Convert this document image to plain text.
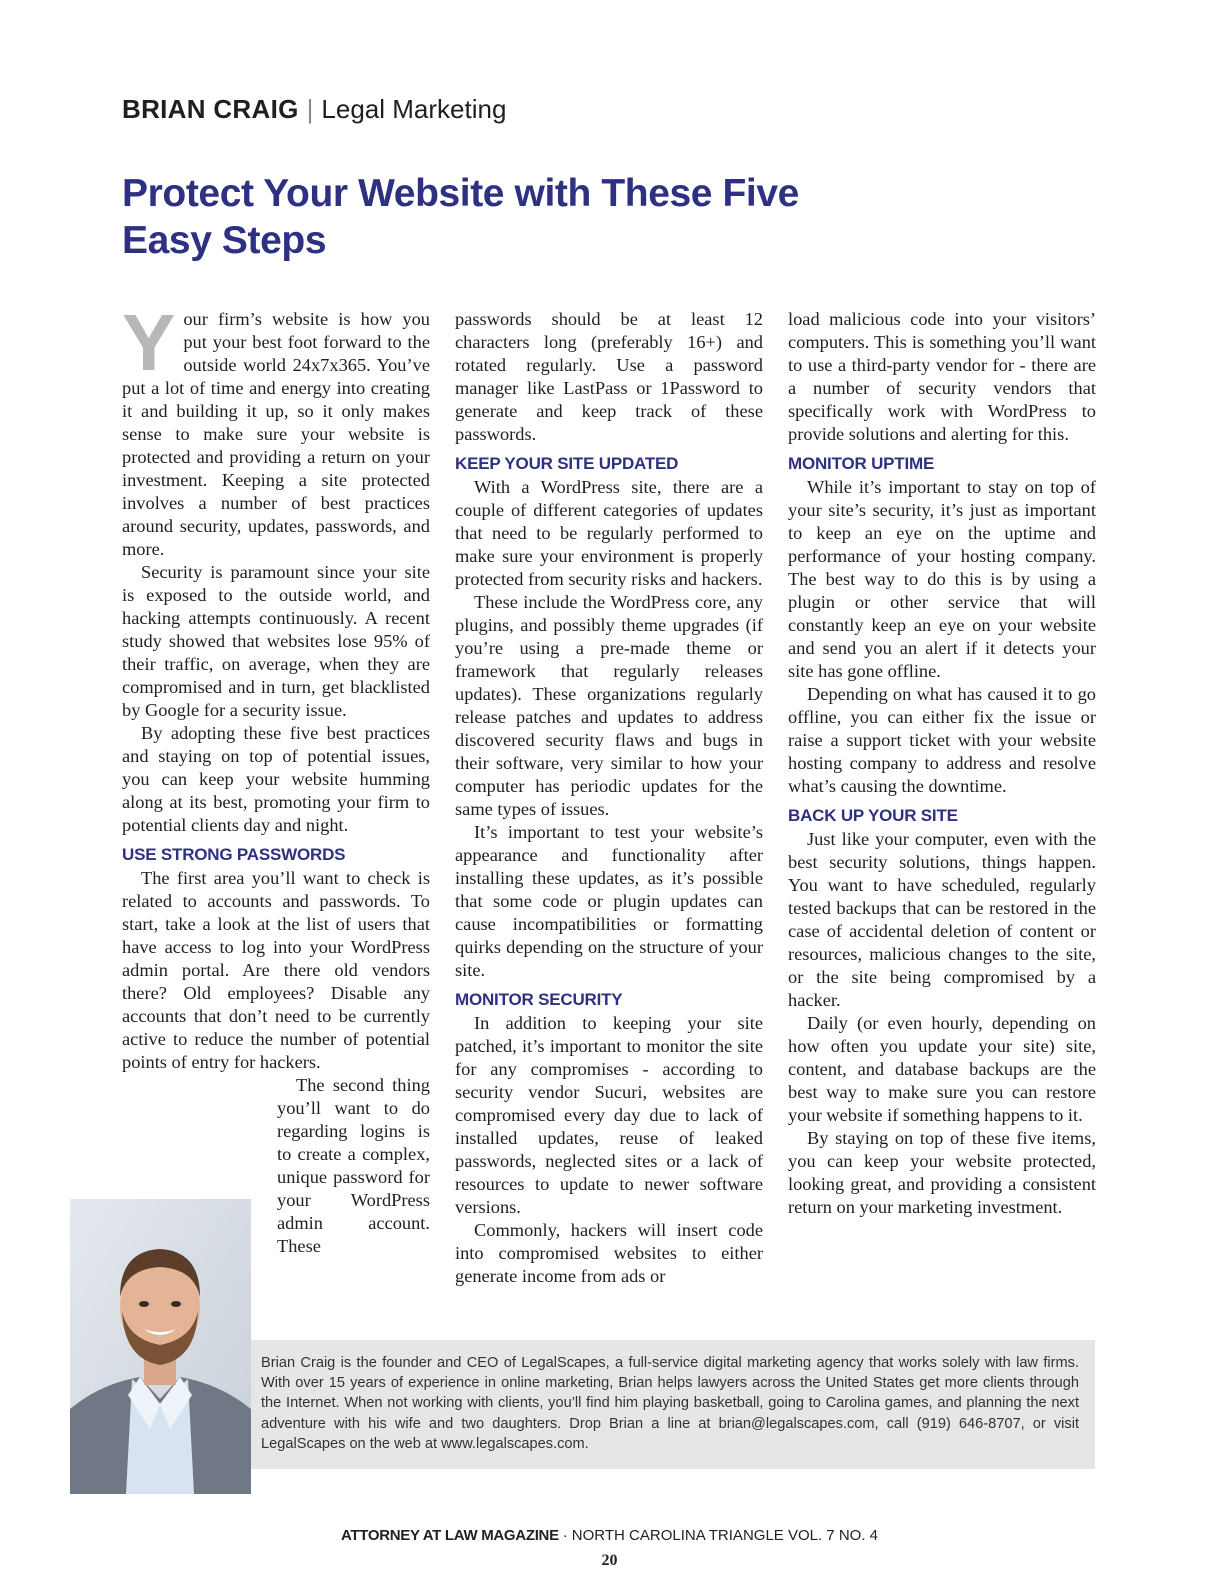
BRIAN CRAIG | Legal Marketing
Protect Your Website with These Five Easy Steps

Your firm’s website is how you put your best foot forward to the outside world 24x7x365. You’ve put a lot of time and energy into creating it and building it up, so it only makes sense to make sure your website is protected and providing a return on your investment. Keeping a site protected involves a number of best practices around security, updates, passwords, and more.

Security is paramount since your site is exposed to the outside world, and hacking attempts continuously. A recent study showed that websites lose 95% of their traffic, on average, when they are compromised and in turn, get blacklisted by Google for a security issue.

By adopting these five best practices and staying on top of potential issues, you can keep your website humming along at its best, promoting your firm to potential clients day and night.

USE STRONG PASSWORDS

The first area you’ll want to check is related to accounts and passwords. To start, take a look at the list of users that have access to log into your WordPress admin portal. Are there old vendors there? Old employees? Disable any accounts that don’t need to be currently active to reduce the number of potential points of entry for hackers.

The second thing you’ll want to do regarding logins is to create a complex, unique password for your WordPress admin account. These

passwords should be at least 12 characters long (preferably 16+) and rotated regularly. Use a password manager like LastPass or 1Password to generate and keep track of these passwords.

KEEP YOUR SITE UPDATED

With a WordPress site, there are a couple of different categories of updates that need to be regularly performed to make sure your environment is properly protected from security risks and hackers.

These include the WordPress core, any plugins, and possibly theme upgrades (if you’re using a pre-made theme or framework that regularly releases updates). These organizations regularly release patches and updates to address discovered security flaws and bugs in their software, very similar to how your computer has periodic updates for the same types of issues.

It’s important to test your website’s appearance and functionality after installing these updates, as it’s possible that some code or plugin updates can cause incompatibilities or formatting quirks depending on the structure of your site.

MONITOR SECURITY

In addition to keeping your site patched, it’s important to monitor the site for any compromises - according to security vendor Sucuri, websites are compromised every day due to lack of installed updates, reuse of leaked passwords, neglected sites or a lack of resources to update to newer software versions.

Commonly, hackers will insert code into compromised websites to either generate income from ads or

load malicious code into your visitors’ computers. This is something you’ll want to use a third-party vendor for - there are a number of security vendors that specifically work with WordPress to provide solutions and alerting for this.

MONITOR UPTIME

While it’s important to stay on top of your site’s security, it’s just as important to keep an eye on the uptime and performance of your hosting company. The best way to do this is by using a plugin or other service that will constantly keep an eye on your website and send you an alert if it detects your site has gone offline.

Depending on what has caused it to go offline, you can either fix the issue or raise a support ticket with your website hosting company to address and resolve what’s causing the downtime.

BACK UP YOUR SITE

Just like your computer, even with the best security solutions, things happen. You want to have scheduled, regularly tested backups that can be restored in the case of accidental deletion of content or resources, malicious changes to the site, or the site being compromised by a hacker.

Daily (or even hourly, depending on how often you update your site) site, content, and database backups are the best way to make sure you can restore your website if something happens to it.

By staying on top of these five items, you can keep your website protected, looking great, and providing a consistent return on your marketing investment.

Brian Craig is the founder and CEO of LegalScapes, a full-service digital marketing agency that works solely with law firms. With over 15 years of experience in online marketing, Brian helps lawyers across the United States get more clients through the Internet. When not working with clients, you’ll find him playing basketball, going to Carolina games, and planning the next adventure with his wife and two daughters. Drop Brian a line at brian@legalscapes.com, call (919) 646-8707, or visit LegalScapes on the web at www.legalscapes.com.

ATTORNEY AT LAW MAGAZINE · NORTH CAROLINA TRIANGLE VOL. 7 NO. 4
20
